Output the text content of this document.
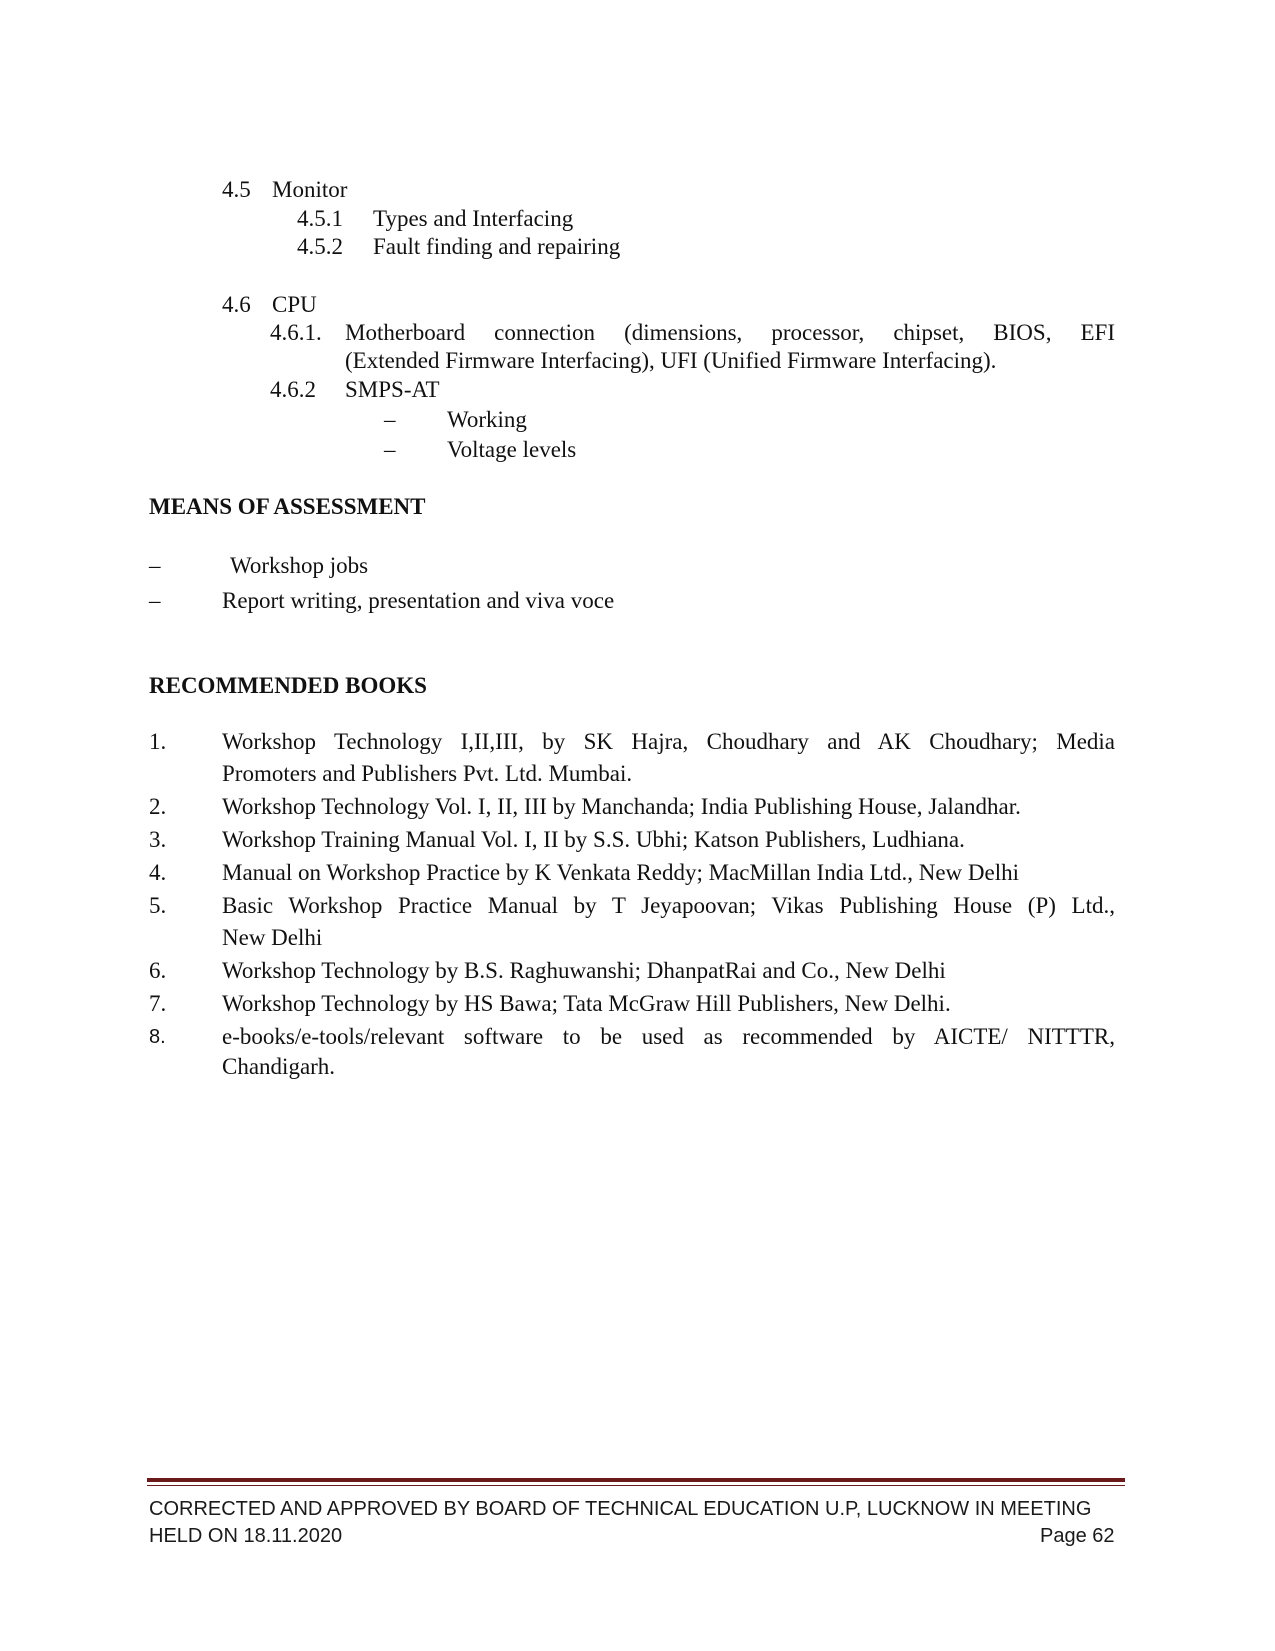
4.5 Monitor
4.5.1 Types and Interfacing
4.5.2 Fault finding and repairing
4.6 CPU
4.6.1. Motherboard connection (dimensions, processor, chipset, BIOS, EFI
(Extended Firmware Interfacing), UFI (Unified Firmware Interfacing).
4.6.2 SMPS-AT
– Working
– Voltage levels
MEANS OF ASSESSMENT
–	Workshop jobs
–	Report writing, presentation and viva voce
RECOMMENDED BOOKS
1. Workshop Technology I,II,III, by SK Hajra, Choudhary and AK Choudhary; Media
Promoters and Publishers Pvt. Ltd. Mumbai.
2. Workshop Technology Vol. I, II, III by Manchanda; India Publishing House, Jalandhar.
3. Workshop Training Manual Vol. I, II by S.S. Ubhi; Katson Publishers, Ludhiana.
4. Manual on Workshop Practice by K Venkata Reddy; MacMillan India Ltd., New Delhi
5. Basic Workshop Practice Manual by T Jeyapoovan; Vikas Publishing House (P) Ltd.,
New Delhi
6. Workshop Technology by B.S. Raghuwanshi; DhanpatRai and Co., New Delhi
7. Workshop Technology by HS Bawa; Tata McGraw Hill Publishers, New Delhi.
8. e-books/e-tools/relevant software to be used as recommended by AICTE/ NITTTR,
Chandigarh.
CORRECTED AND APPROVED BY BOARD OF TECHNICAL EDUCATION U.P, LUCKNOW IN MEETING
HELD ON 18.11.2020	Page 62
